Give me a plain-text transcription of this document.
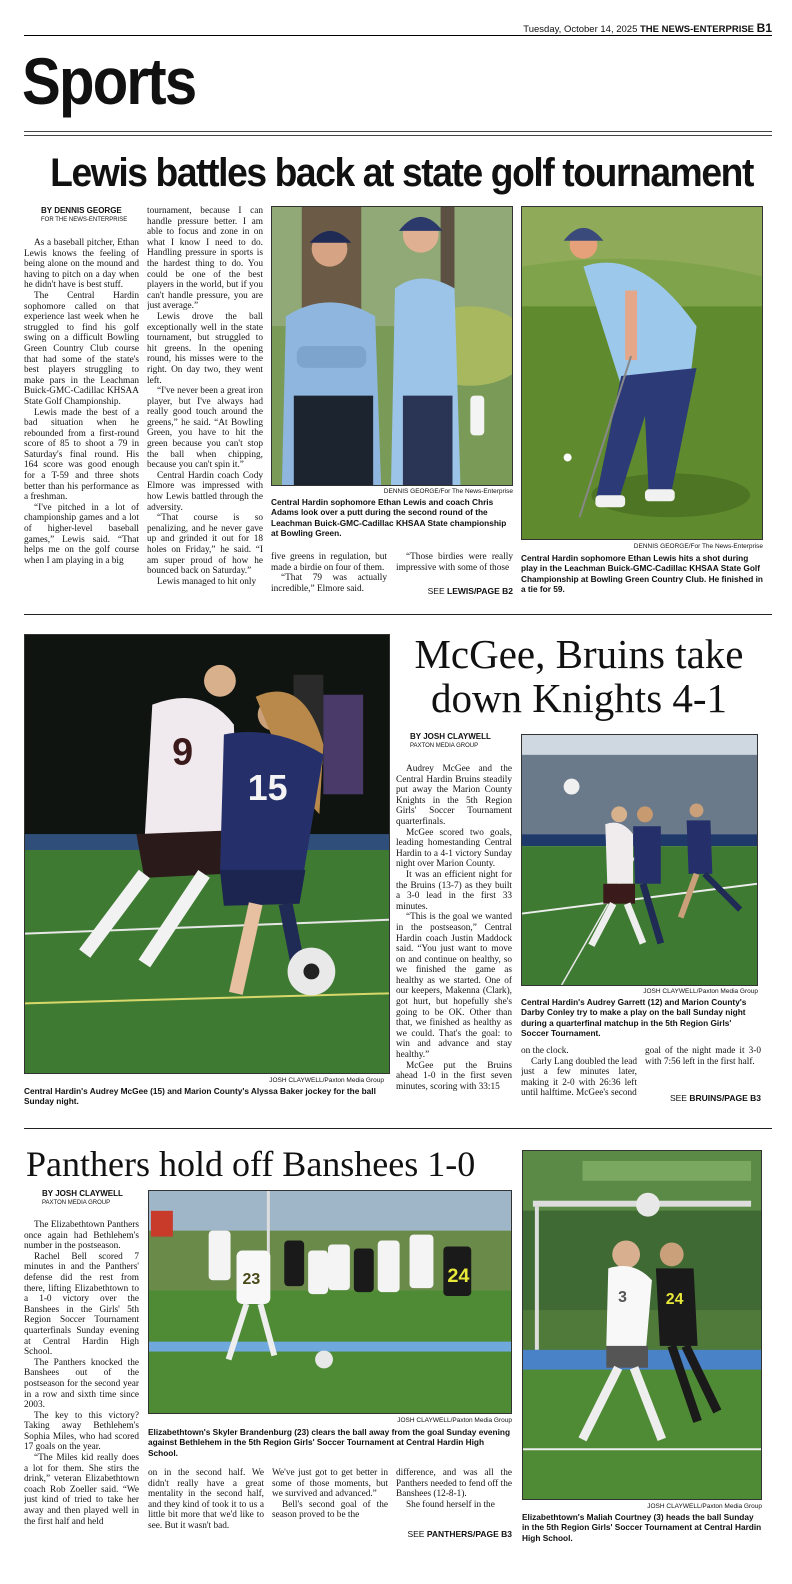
Tuesday, October 14, 2025 THE NEWS-ENTERPRISE B1
Sports
Lewis battles back at state golf tournament
BY DENNIS GEORGE
FOR THE NEWS-ENTERPRISE

As a baseball pitcher, Ethan Lewis knows the feeling of being alone on the mound and having to pitch on a day when he didn't have is best stuff.

The Central Hardin sophomore called on that experience last week when he struggled to find his golf swing on a difficult Bowling Green Country Club course that had some of the state's best players struggling to make pars in the Leachman Buick-GMC-Cadillac KHSAA State Golf Championship.

Lewis made the best of a bad situation when he rebounded from a first-round score of 85 to shoot a 79 in Saturday's final round. His 164 score was good enough for a T-59 and three shots better than his performance as a freshman.

“I've pitched in a lot of championship games and a lot of higher-level baseball games,” Lewis said. “That helps me on the golf course when I am playing in a big

tournament, because I can handle pressure better. I am able to focus and zone in on what I know I need to do. Handling pressure in sports is the hardest thing to do. You could be one of the best players in the world, but if you can't handle pressure, you are just average.”

Lewis drove the ball exceptionally well in the state tournament, but struggled to hit greens. In the opening round, his misses were to the right. On day two, they went left.

“I've never been a great iron player, but I've always had really good touch around the greens,” he said. “At Bowling Green, you have to hit the green because you can't stop the ball when chipping, because you can't spin it.”

Central Hardin coach Cody Elmore was impressed with how Lewis battled through the adversity.

“That course is so penalizing, and he never gave up and grinded it out for 18 holes on Friday,” he said. “I am super proud of how he bounced back on Saturday.”

Lewis managed to hit only

DENNIS GEORGE/For The News-Enterprise
Central Hardin sophomore Ethan Lewis and coach Chris Adams look over a putt during the second round of the Leachman Buick-GMC-Cadillac KHSAA State championship at Bowling Green.

five greens in regulation, but made a birdie on four of them.

“That 79 was actually incredible,” Elmore said.

“Those birdies were really impressive with some of those

SEE LEWIS/PAGE B2
DENNIS GEORGE/For The News-Enterprise
Central Hardin sophomore Ethan Lewis hits a shot during play in the Leachman Buick-GMC-Cadillac KHSAA State Golf Championship at Bowling Green Country Club. He finished in a tie for 59.
9
15
JOSH CLAYWELL/Paxton Media Group
Central Hardin's Audrey McGee (15) and Marion County's Alyssa Baker jockey for the ball Sunday night.
McGee, Bruins take
down Knights 4-1
BY JOSH CLAYWELL
PAXTON MEDIA GROUP

Audrey McGee and the Central Hardin Bruins steadily put away the Marion County Knights in the 5th Region Girls' Soccer Tournament quarterfinals.

McGee scored two goals, leading homestanding Central Hardin to a 4-1 victory Sunday night over Marion County.

It was an efficient night for the Bruins (13-7) as they built a 3-0 lead in the first 33 minutes.

“This is the goal we wanted in the postseason,” Central Hardin coach Justin Maddock said. “You just want to move on and continue on healthy, so we finished the game as healthy as we started. One of our keepers, Makenna (Clark), got hurt, but hopefully she's going to be OK. Other than that, we finished as healthy as we could. That's the goal: to win and advance and stay healthy.”

McGee put the Bruins ahead 1-0 in the first seven minutes, scoring with 33:15

JOSH CLAYWELL/Paxton Media Group
Central Hardin's Audrey Garrett (12) and Marion County's Darby Conley try to make a play on the ball Sunday night during a quarterfinal matchup in the 5th Region Girls' Soccer Tournament.

on the clock.

Carly Lang doubled the lead just a few minutes later, making it 2-0 with 26:36 left until halftime. McGee's second

goal of the night made it 3-0 with 7:56 left in the first half.

SEE BRUINS/PAGE B3
Panthers hold off Banshees 1-0
BY JOSH CLAYWELL
PAXTON MEDIA GROUP

The Elizabethtown Panthers once again had Bethlehem's number in the postseason.

Rachel Bell scored 7 minutes in and the Panthers' defense did the rest from there, lifting Elizabethtown to a 1-0 victory over the Banshees in the Girls' 5th Region Soccer Tournament quarterfinals Sunday evening at Central Hardin High School.

The Panthers knocked the Banshees out of the postseason for the second year in a row and sixth time since 2003.

The key to this victory? Taking away Bethlehem's Sophia Miles, who had scored 17 goals on the year.

“The Miles kid really does a lot for them. She stirs the drink,” veteran Elizabethtown coach Rob Zoeller said. “We just kind of tried to take her away and then played well in the first half and held

23	24
JOSH CLAYWELL/Paxton Media Group
Elizabethtown's Skyler Brandenburg (23) clears the ball away from the goal Sunday evening against Bethlehem in the 5th Region Girls' Soccer Tournament at Central Hardin High School.

on in the second half. We didn't really have a great mentality in the second half, and they kind of took it to us a little bit more that we'd like to see. But it wasn't bad.

We've just got to get better in some of those moments, but we survived and advanced.”

Bell's second goal of the season proved to be the

difference, and was all the Panthers needed to fend off the Banshees (12-8-1).

She found herself in the

SEE PANTHERS/PAGE B3
3 24
JOSH CLAYWELL/Paxton Media Group
Elizabethtown's Maliah Courtney (3) heads the ball Sunday in the 5th Region Girls' Soccer Tournament at Central Hardin High School.
